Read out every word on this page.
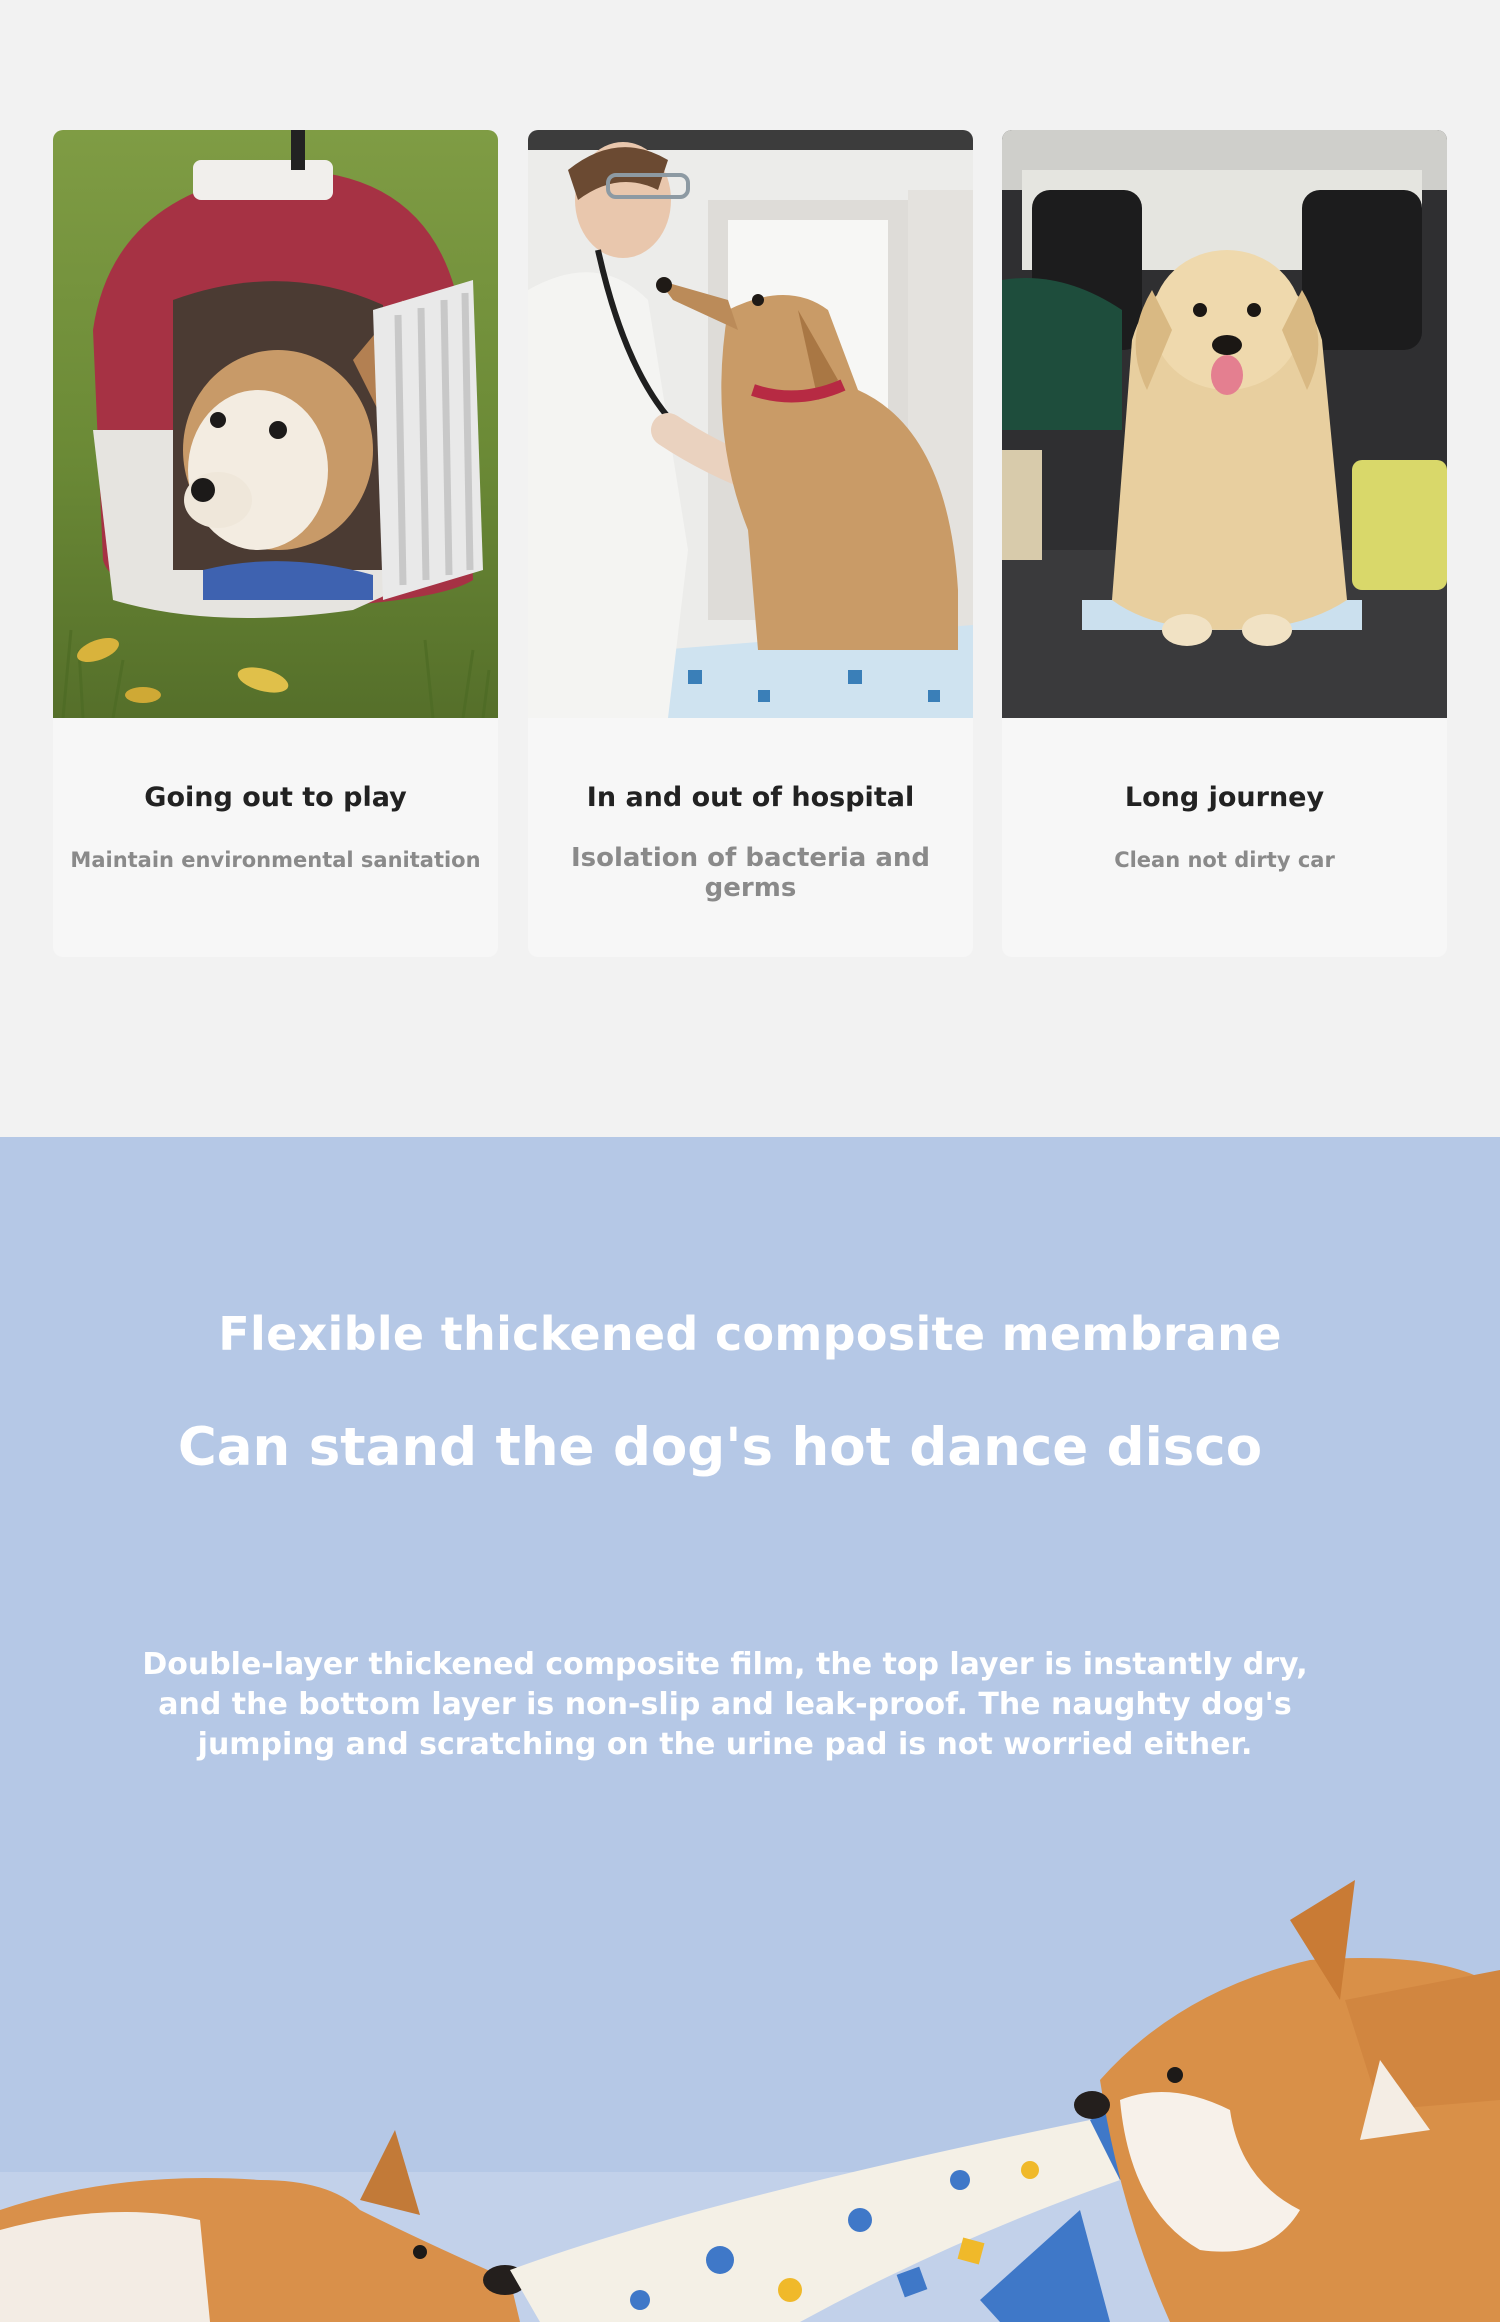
Going out to play
Maintain environmental sanitation
In and out of hospital
Isolation of bacteria and germs
Long journey
Clean not dirty car
Flexible thickened composite membrane
Can stand the dog's hot dance disco

Double-layer thickened composite film, the top layer is instantly dry, and the bottom layer is non-slip and leak-proof. The naughty dog's jumping and scratching on the urine pad is not worried either.
